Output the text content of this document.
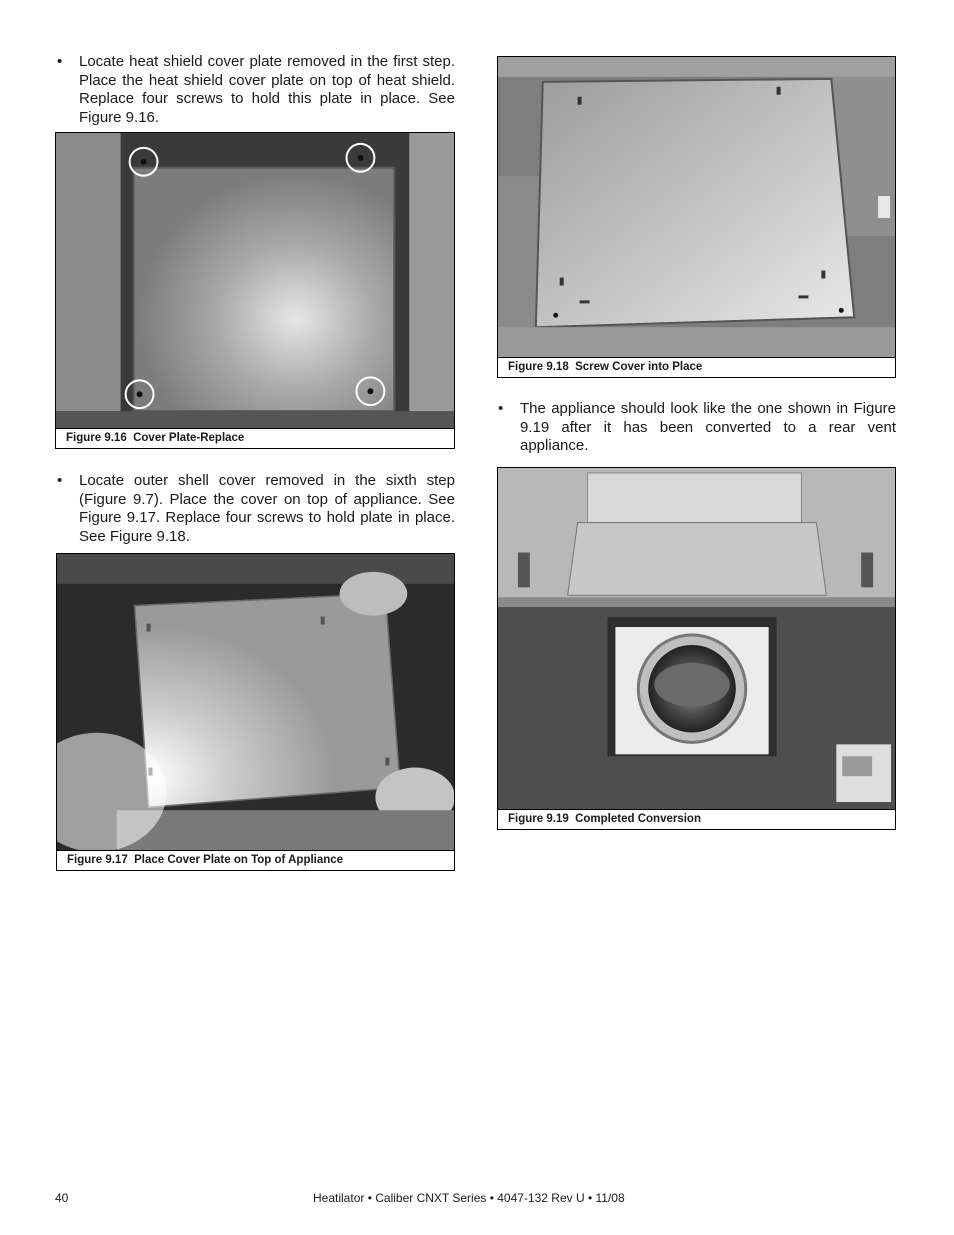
• Locate heat shield cover plate removed in the first step. Place the heat shield cover plate on top of heat shield. Replace four screws to hold this plate in place. See Figure 9.16.
Figure 9.16  Cover Plate-Replace
• Locate outer shell cover removed in the sixth step (Figure 9.7). Place the cover on top of appliance. See Figure 9.17. Replace four screws to hold plate in place. See Figure 9.18.
Figure 9.17  Place Cover Plate on Top of Appliance
Figure 9.18  Screw Cover into Place
• The appliance should look like the one shown in Figure 9.19 after it has been converted to a rear vent appliance.
Figure 9.19  Completed Conversion
40	Heatilator • Caliber CNXT Series • 4047-132 Rev U • 11/08
